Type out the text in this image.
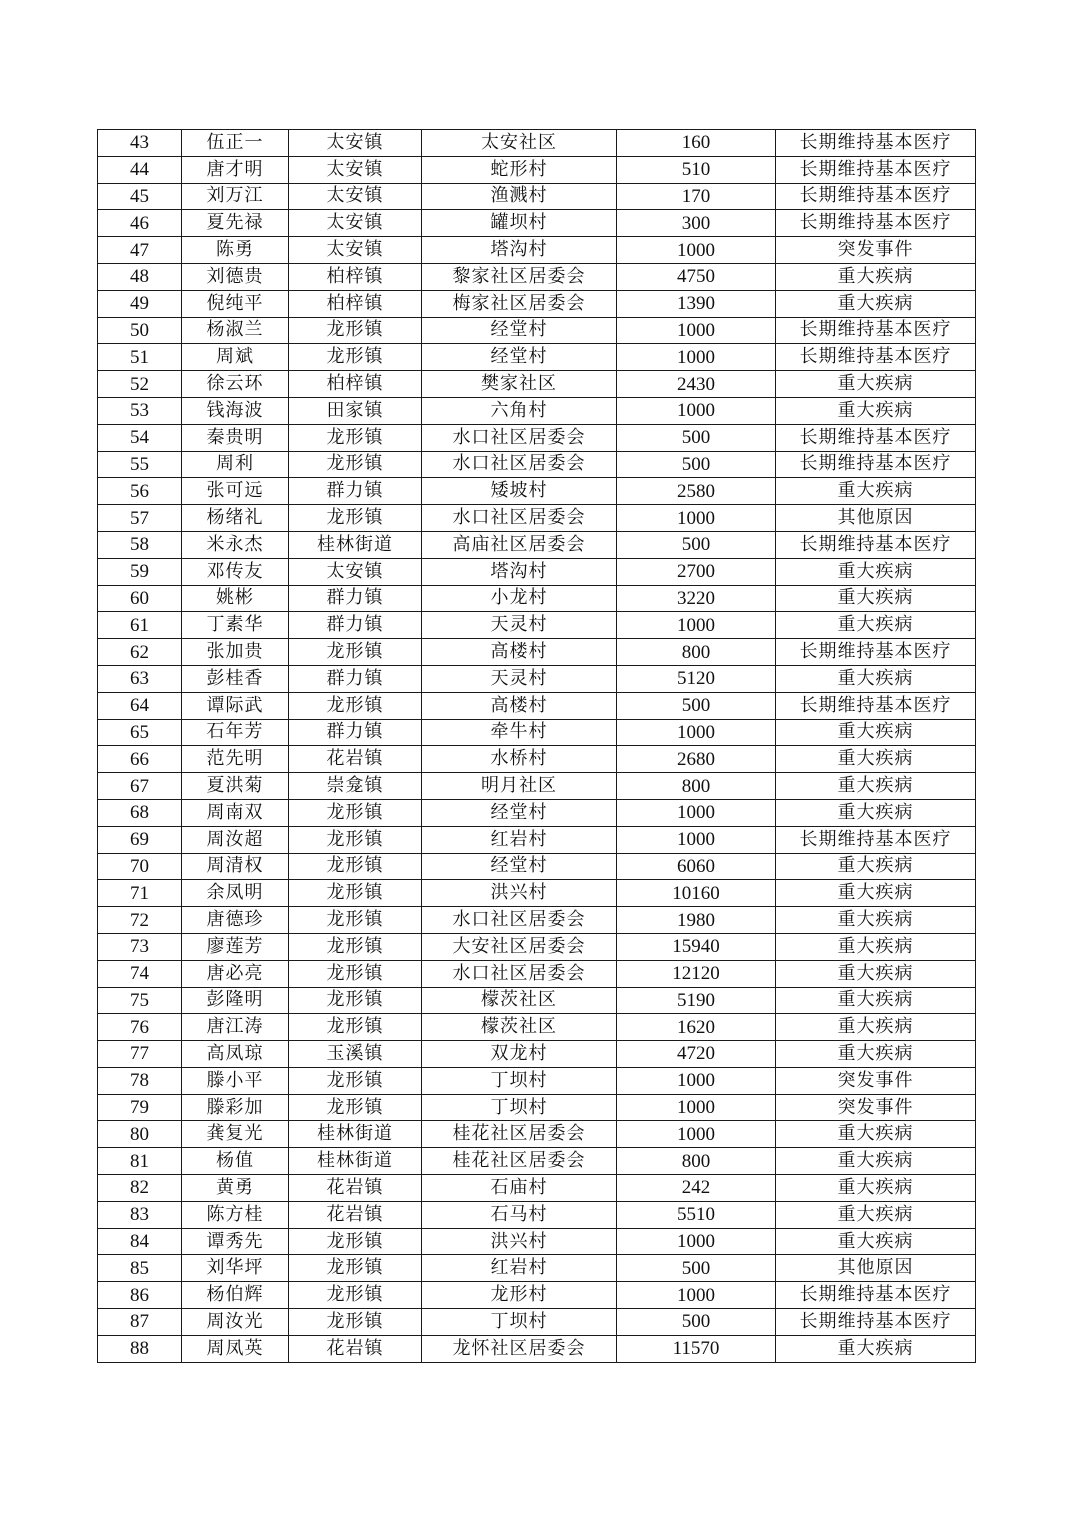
43	伍正一	太安镇	太安社区	160	长期维持基本医疗
44	唐才明	太安镇	蛇形村	510	长期维持基本医疗
45	刘万江	太安镇	渔溅村	170	长期维持基本医疗
46	夏先禄	太安镇	罐坝村	300	长期维持基本医疗
47	陈勇	太安镇	塔沟村	1000	突发事件
48	刘德贵	柏梓镇	黎家社区居委会	4750	重大疾病
49	倪纯平	柏梓镇	梅家社区居委会	1390	重大疾病
50	杨淑兰	龙形镇	经堂村	1000	长期维持基本医疗
51	周斌	龙形镇	经堂村	1000	长期维持基本医疗
52	徐云环	柏梓镇	樊家社区	2430	重大疾病
53	钱海波	田家镇	六角村	1000	重大疾病
54	秦贵明	龙形镇	水口社区居委会	500	长期维持基本医疗
55	周利	龙形镇	水口社区居委会	500	长期维持基本医疗
56	张可远	群力镇	矮坡村	2580	重大疾病
57	杨绪礼	龙形镇	水口社区居委会	1000	其他原因
58	米永杰	桂林街道	高庙社区居委会	500	长期维持基本医疗
59	邓传友	太安镇	塔沟村	2700	重大疾病
60	姚彬	群力镇	小龙村	3220	重大疾病
61	丁素华	群力镇	天灵村	1000	重大疾病
62	张加贵	龙形镇	高楼村	800	长期维持基本医疗
63	彭桂香	群力镇	天灵村	5120	重大疾病
64	谭际武	龙形镇	高楼村	500	长期维持基本医疗
65	石年芳	群力镇	牵牛村	1000	重大疾病
66	范先明	花岩镇	水桥村	2680	重大疾病
67	夏洪菊	崇龛镇	明月社区	800	重大疾病
68	周南双	龙形镇	经堂村	1000	重大疾病
69	周汝超	龙形镇	红岩村	1000	长期维持基本医疗
70	周清权	龙形镇	经堂村	6060	重大疾病
71	余凤明	龙形镇	洪兴村	10160	重大疾病
72	唐德珍	龙形镇	水口社区居委会	1980	重大疾病
73	廖莲芳	龙形镇	大安社区居委会	15940	重大疾病
74	唐必亮	龙形镇	水口社区居委会	12120	重大疾病
75	彭隆明	龙形镇	檬茨社区	5190	重大疾病
76	唐江涛	龙形镇	檬茨社区	1620	重大疾病
77	高凤琼	玉溪镇	双龙村	4720	重大疾病
78	滕小平	龙形镇	丁坝村	1000	突发事件
79	滕彩加	龙形镇	丁坝村	1000	突发事件
80	龚复光	桂林街道	桂花社区居委会	1000	重大疾病
81	杨值	桂林街道	桂花社区居委会	800	重大疾病
82	黄勇	花岩镇	石庙村	242	重大疾病
83	陈方桂	花岩镇	石马村	5510	重大疾病
84	谭秀先	龙形镇	洪兴村	1000	重大疾病
85	刘华坪	龙形镇	红岩村	500	其他原因
86	杨伯辉	龙形镇	龙形村	1000	长期维持基本医疗
87	周汝光	龙形镇	丁坝村	500	长期维持基本医疗
88	周凤英	花岩镇	龙怀社区居委会	11570	重大疾病
